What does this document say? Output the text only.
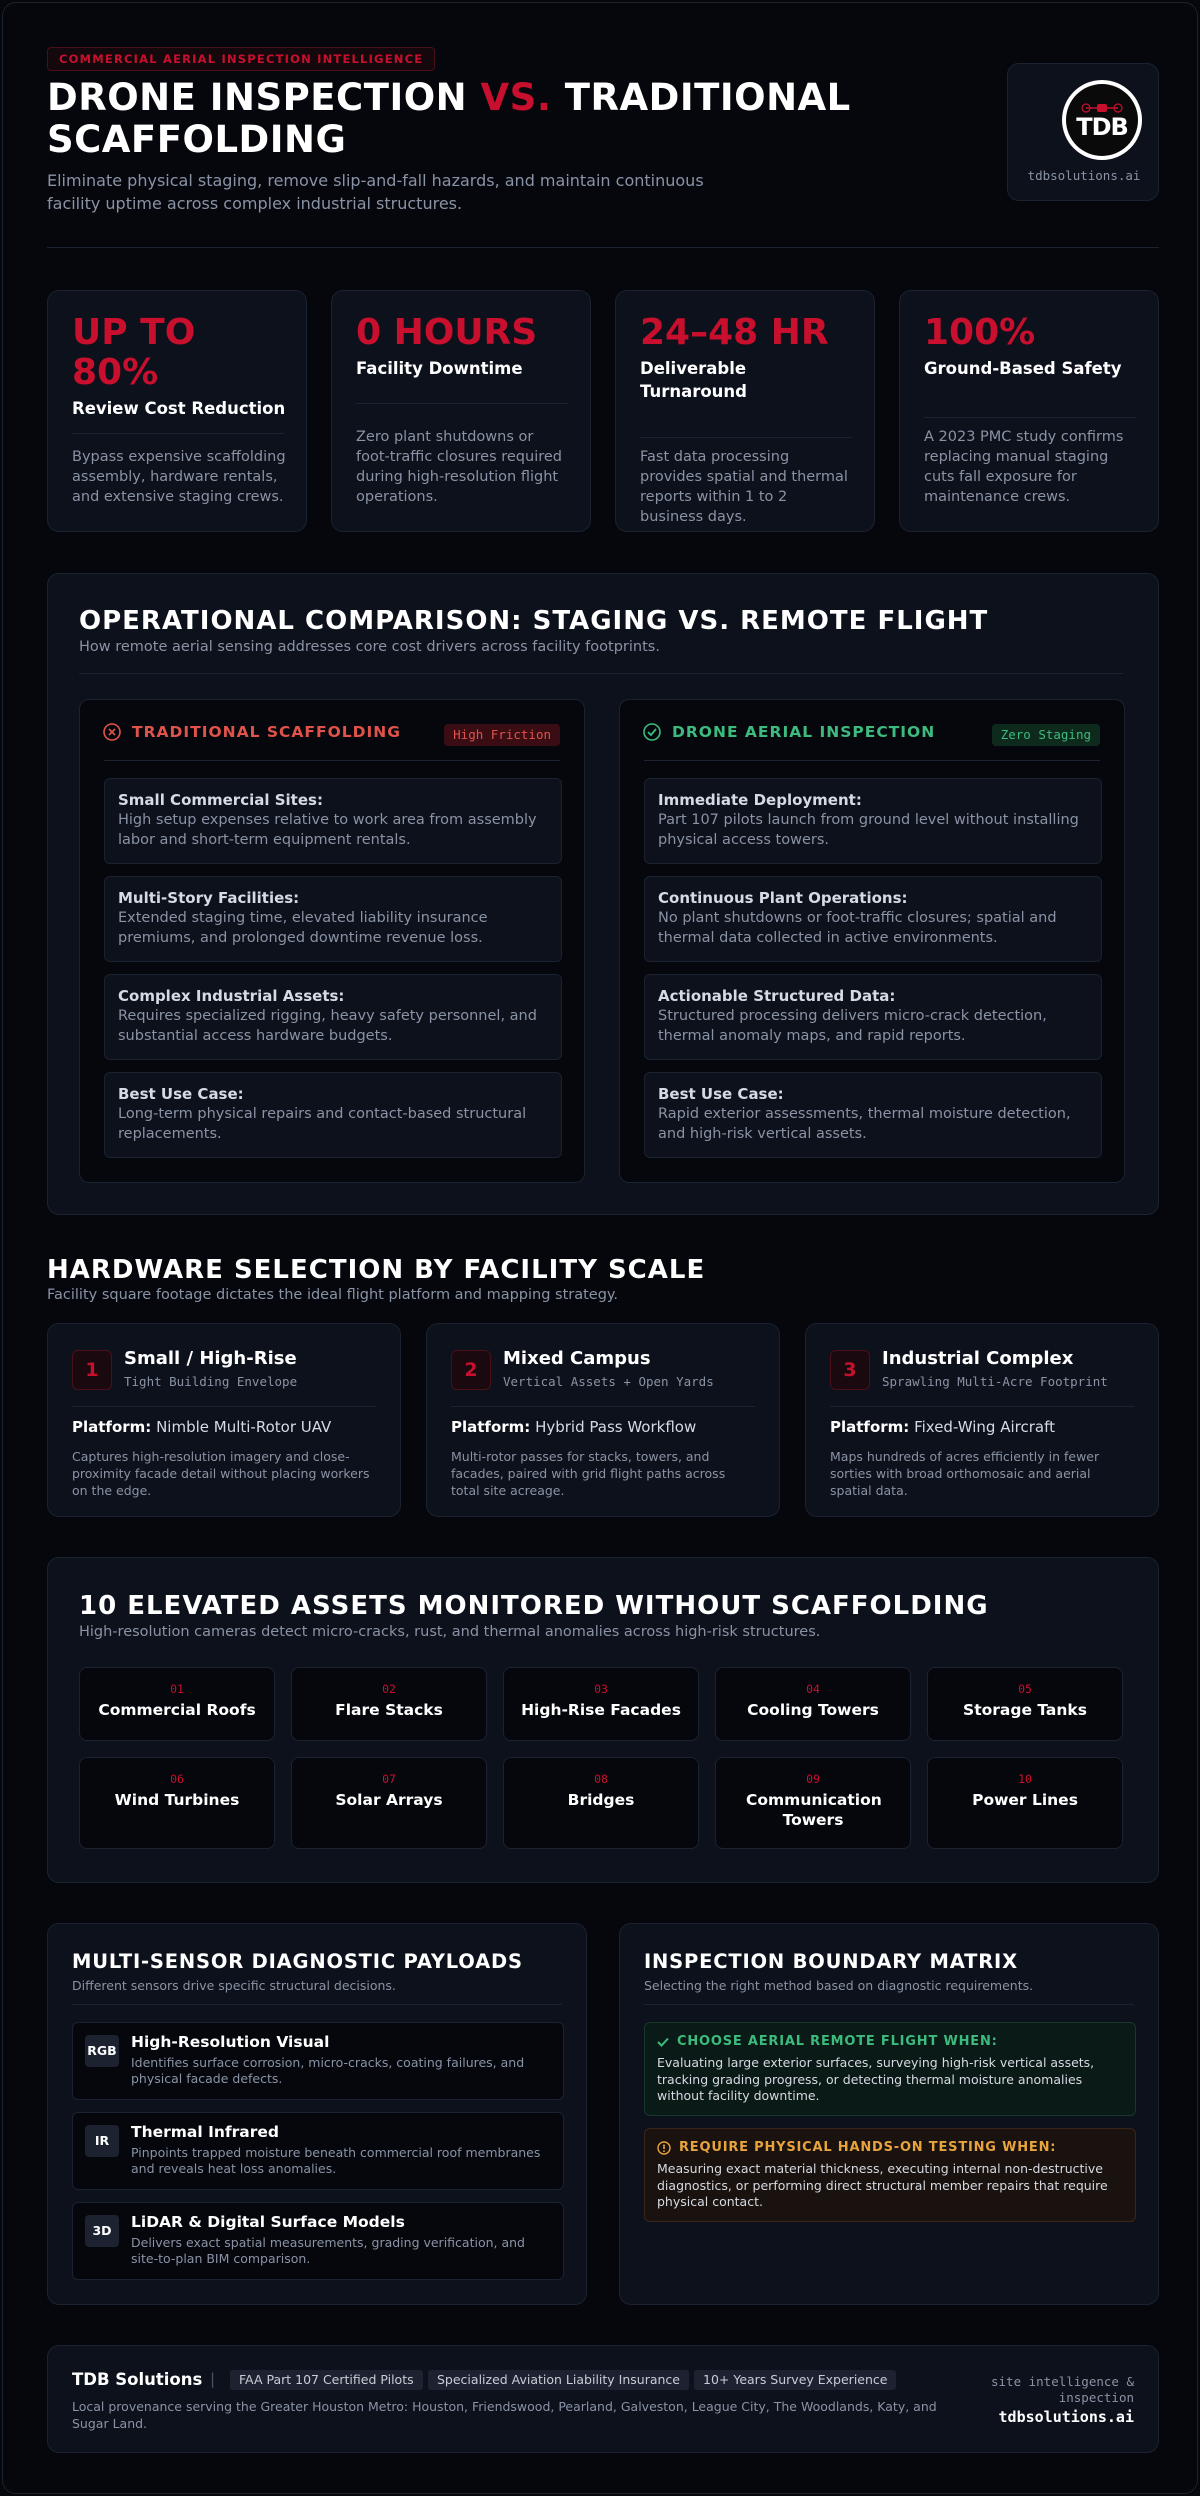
COMMERCIAL AERIAL INSPECTION INTELLIGENCE
DRONE INSPECTION VS. TRADITIONAL SCAFFOLDING
Eliminate physical staging, remove slip-and-fall hazards, and maintain continuous facility uptime across complex industrial structures.
TDB
tdbsolutions.ai
UP TO 80%
Review Cost Reduction
Bypass expensive scaffolding assembly, hardware rentals, and extensive staging crews.
0 HOURS
Facility Downtime
Zero plant shutdowns or foot-traffic closures required during high-resolution flight operations.
24–48 HR
Deliverable Turnaround
Fast data processing provides spatial and thermal reports within 1 to 2 business days.
100%
Ground-Based Safety
A 2023 PMC study confirms replacing manual staging cuts fall exposure for maintenance crews.
OPERATIONAL COMPARISON: STAGING VS. REMOTE FLIGHT
How remote aerial sensing addresses core cost drivers across facility footprints.
TRADITIONAL SCAFFOLDING	High Friction
Small Commercial Sites:
High setup expenses relative to work area from assembly labor and short-term equipment rentals.
Multi-Story Facilities:
Extended staging time, elevated liability insurance premiums, and prolonged downtime revenue loss.
Complex Industrial Assets:
Requires specialized rigging, heavy safety personnel, and substantial access hardware budgets.
Best Use Case:
Long-term physical repairs and contact-based structural replacements.
DRONE AERIAL INSPECTION	Zero Staging
Immediate Deployment:
Part 107 pilots launch from ground level without installing physical access towers.
Continuous Plant Operations:
No plant shutdowns or foot-traffic closures; spatial and thermal data collected in active environments.
Actionable Structured Data:
Structured processing delivers micro-crack detection, thermal anomaly maps, and rapid reports.
Best Use Case:
Rapid exterior assessments, thermal moisture detection, and high-risk vertical assets.
HARDWARE SELECTION BY FACILITY SCALE
Facility square footage dictates the ideal flight platform and mapping strategy.
1
Small / High-Rise
Tight Building Envelope
Platform: Nimble Multi-Rotor UAV
Captures high-resolution imagery and close-proximity facade detail without placing workers on the edge.
2
Mixed Campus
Vertical Assets + Open Yards
Platform: Hybrid Pass Workflow
Multi-rotor passes for stacks, towers, and facades, paired with grid flight paths across total site acreage.
3
Industrial Complex
Sprawling Multi-Acre Footprint
Platform: Fixed-Wing Aircraft
Maps hundreds of acres efficiently in fewer sorties with broad orthomosaic and aerial spatial data.
10 ELEVATED ASSETS MONITORED WITHOUT SCAFFOLDING
High-resolution cameras detect micro-cracks, rust, and thermal anomalies across high-risk structures.
01
Commercial Roofs
02
Flare Stacks
03
High-Rise Facades
04
Cooling Towers
05
Storage Tanks
06
Wind Turbines
07
Solar Arrays
08
Bridges
09
Communication Towers
10
Power Lines
MULTI-SENSOR DIAGNOSTIC PAYLOADS
Different sensors drive specific structural decisions.
RGB High-Resolution Visual
Identifies surface corrosion, micro-cracks, coating failures, and physical facade defects.
IR	Thermal Infrared
Pinpoints trapped moisture beneath commercial roof membranes and reveals heat loss anomalies.
3D	LiDAR & Digital Surface Models
Delivers exact spatial measurements, grading verification, and site-to-plan BIM comparison.
INSPECTION BOUNDARY MATRIX
Selecting the right method based on diagnostic requirements.
CHOOSE AERIAL REMOTE FLIGHT WHEN:
Evaluating large exterior surfaces, surveying high-risk vertical assets, tracking grading progress, or detecting thermal moisture anomalies without facility downtime.
REQUIRE PHYSICAL HANDS-ON TESTING WHEN:
Measuring exact material thickness, executing internal non-destructive diagnostics, or performing direct structural member repairs that require physical contact.
TDB Solutions |	FAA Part 107 Certified Pilots	Specialized Aviation Liability Insurance	10+ Years Survey Experience
Local provenance serving the Greater Houston Metro: Houston, Friendswood, Pearland, Galveston, League City, The Woodlands, Katy, and Sugar Land.
site intelligence & inspection
tdbsolutions.ai
